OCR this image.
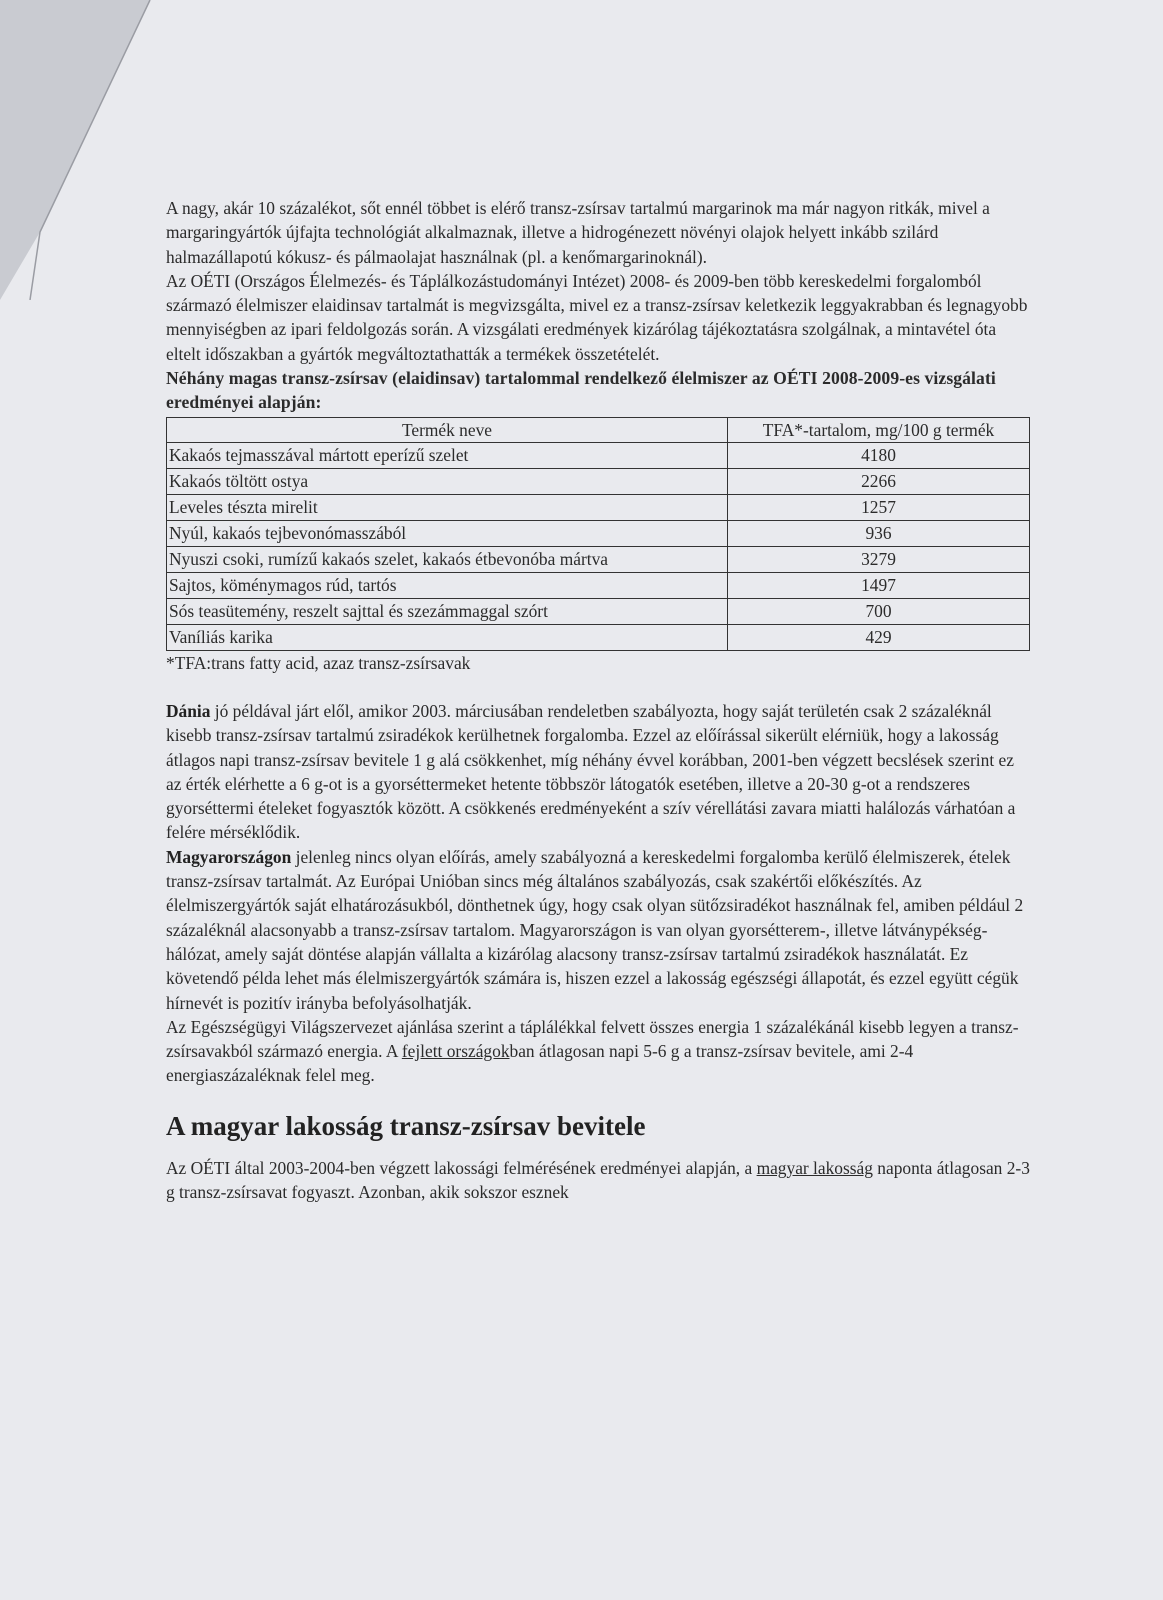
A nagy, akár 10 százalékot, sőt ennél többet is elérő transz-zsírsav tartalmú margarinok ma már nagyon ritkák, mivel a margaringyártók újfajta technológiát alkalmaznak, illetve a hidrogénezett növényi olajok helyett inkább szilárd halmazállapotú kókusz- és pálmaolajat használnak (pl. a kenőmargarinoknál).

Az OÉTI (Országos Élelmezés- és Táplálkozástudományi Intézet) 2008- és 2009-ben több kereskedelmi forgalomból származó élelmiszer elaidinsav tartalmát is megvizsgálta, mivel ez a transz-zsírsav keletkezik leggyakrabban és legnagyobb mennyiségben az ipari feldolgozás során. A vizsgálati eredmények kizárólag tájékoztatásra szolgálnak, a mintavétel óta eltelt időszakban a gyártók megváltoztathatták a termékek összetételét.

Néhány magas transz-zsírsav (elaidinsav) tartalommal rendelkező élelmiszer az OÉTI 2008-2009-es vizsgálati eredményei alapján:

Termék neve	TFA*-tartalom, mg/100 g termék
Kakaós tejmasszával mártott eperízű szelet	4180
Kakaós töltött ostya	2266
Leveles tészta mirelit	1257
Nyúl, kakaós tejbevonómasszából	936
Nyuszi csoki, rumízű kakaós szelet, kakaós étbevonóba mártva	3279
Sajtos, köménymagos rúd, tartós	1497
Sós teasütemény, reszelt sajttal és szezámmaggal szórt	700
Vaníliás karika	429

*TFA:trans fatty acid, azaz transz-zsírsavak

Dánia jó példával járt elől, amikor 2003. márciusában rendeletben szabályozta, hogy saját területén csak 2 százaléknál kisebb transz-zsírsav tartalmú zsiradékok kerülhetnek forgalomba. Ezzel az előírással sikerült elérniük, hogy a lakosság átlagos napi transz-zsírsav bevitele 1 g alá csökkenhet, míg néhány évvel korábban, 2001-ben végzett becslések szerint ez az érték elérhette a 6 g-ot is a gyorséttermeket hetente többször látogatók esetében, illetve a 20-30 g-ot a rendszeres gyorséttermi ételeket fogyasztók között. A csökkenés eredményeként a szív vérellátási zavara miatti halálozás várhatóan a felére mérséklődik.

Magyarországon jelenleg nincs olyan előírás, amely szabályozná a kereskedelmi forgalomba kerülő élelmiszerek, ételek transz-zsírsav tartalmát. Az Európai Unióban sincs még általános szabályozás, csak szakértői előkészítés. Az élelmiszergyártók saját elhatározásukból, dönthetnek úgy, hogy csak olyan sütőzsiradékot használnak fel, amiben például 2 százaléknál alacsonyabb a transz-zsírsav tartalom. Magyarországon is van olyan gyorsétterem-, illetve látványpékség-hálózat, amely saját döntése alapján vállalta a kizárólag alacsony transz-zsírsav tartalmú zsiradékok használatát. Ez követendő példa lehet más élelmiszergyártók számára is, hiszen ezzel a lakosság egészségi állapotát, és ezzel együtt cégük hírnevét is pozitív irányba befolyásolhatják.

Az Egészségügyi Világszervezet ajánlása szerint a táplálékkal felvett összes energia 1 százalékánál kisebb legyen a transz-zsírsavakból származó energia. A fejlett országokban átlagosan napi 5-6 g a transz-zsírsav bevitele, ami 2-4 energiaszázaléknak felel meg.

A magyar lakosság transz-zsírsav bevitele

Az OÉTI által 2003-2004-ben végzett lakossági felmérésének eredményei alapján, a magyar lakosság naponta átlagosan 2-3 g transz-zsírsavat fogyaszt. Azonban, akik sokszor esznek
